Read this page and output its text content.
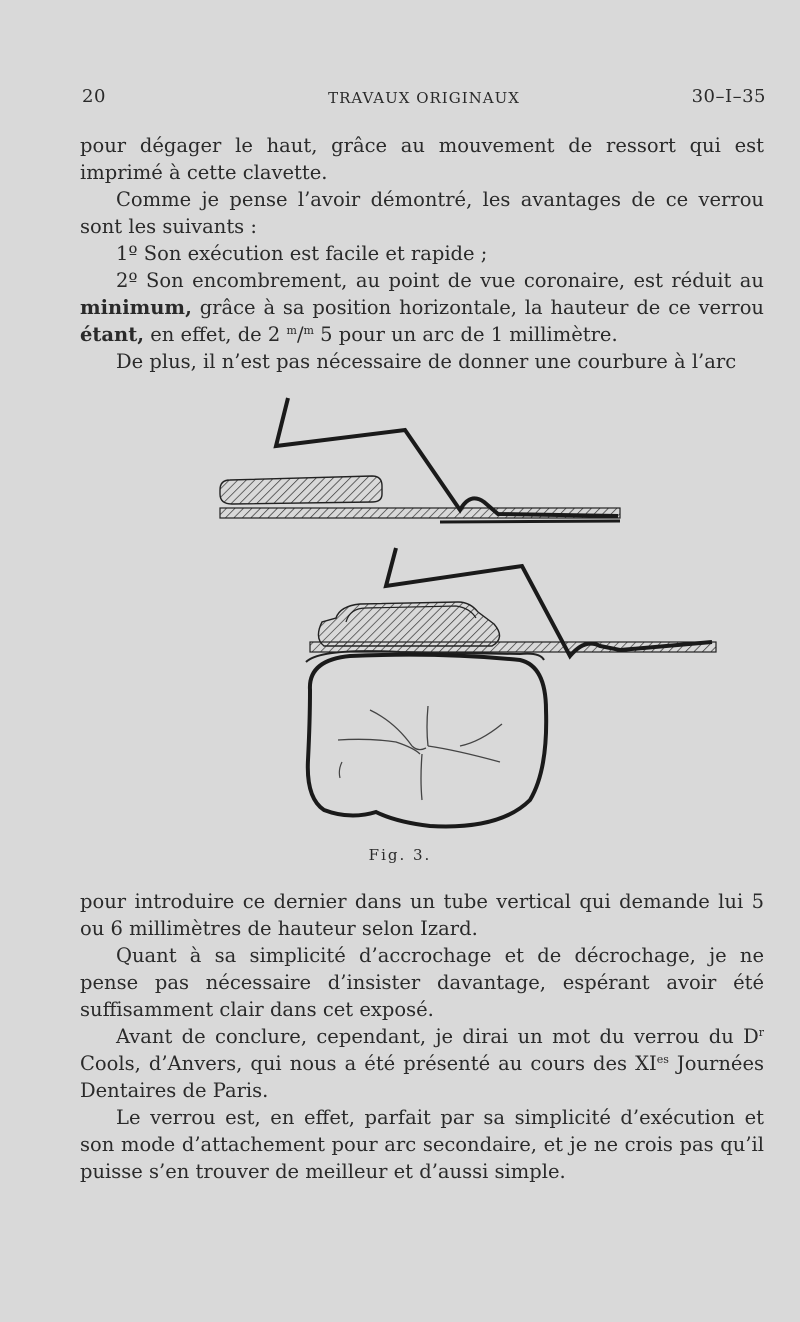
20	TRAVAUX ORIGINAUX	30–I–35

pour dégager le haut, grâce au mouvement de ressort qui est imprimé à cette clavette.

Comme je pense l’avoir démontré, les avantages de ce verrou sont les suivants :

1º Son exécution est facile et rapide ;

2º Son encombrement, au point de vue coronaire, est réduit au minimum, grâce à sa position horizontale, la hauteur de ce verrou étant, en effet, de 2 $^m$/$^m$ 5 pour un arc de 1 millimètre.

De plus, il n’est pas nécessaire de donner une courbure à l’arc

Fig. 3.

pour introduire ce dernier dans un tube vertical qui demande lui 5 ou 6 millimètres de hauteur selon Izard.

Quant à sa simplicité d’accrochage et de décrochage, je ne pense pas nécessaire d’insister davantage, espérant avoir été suffisamment clair dans cet exposé.

Avant de conclure, cependant, je dirai un mot du verrou du $D^r$ Cools, d’Anvers, qui nous a été présenté au cours des $XI^{es}$ Journées Dentaires de Paris.

Le verrou est, en effet, parfait par sa simplicité d’exécution et son mode d’attachement pour arc secondaire, et je ne crois pas qu’il puisse s’en trouver de meilleur et d’aussi simple.
